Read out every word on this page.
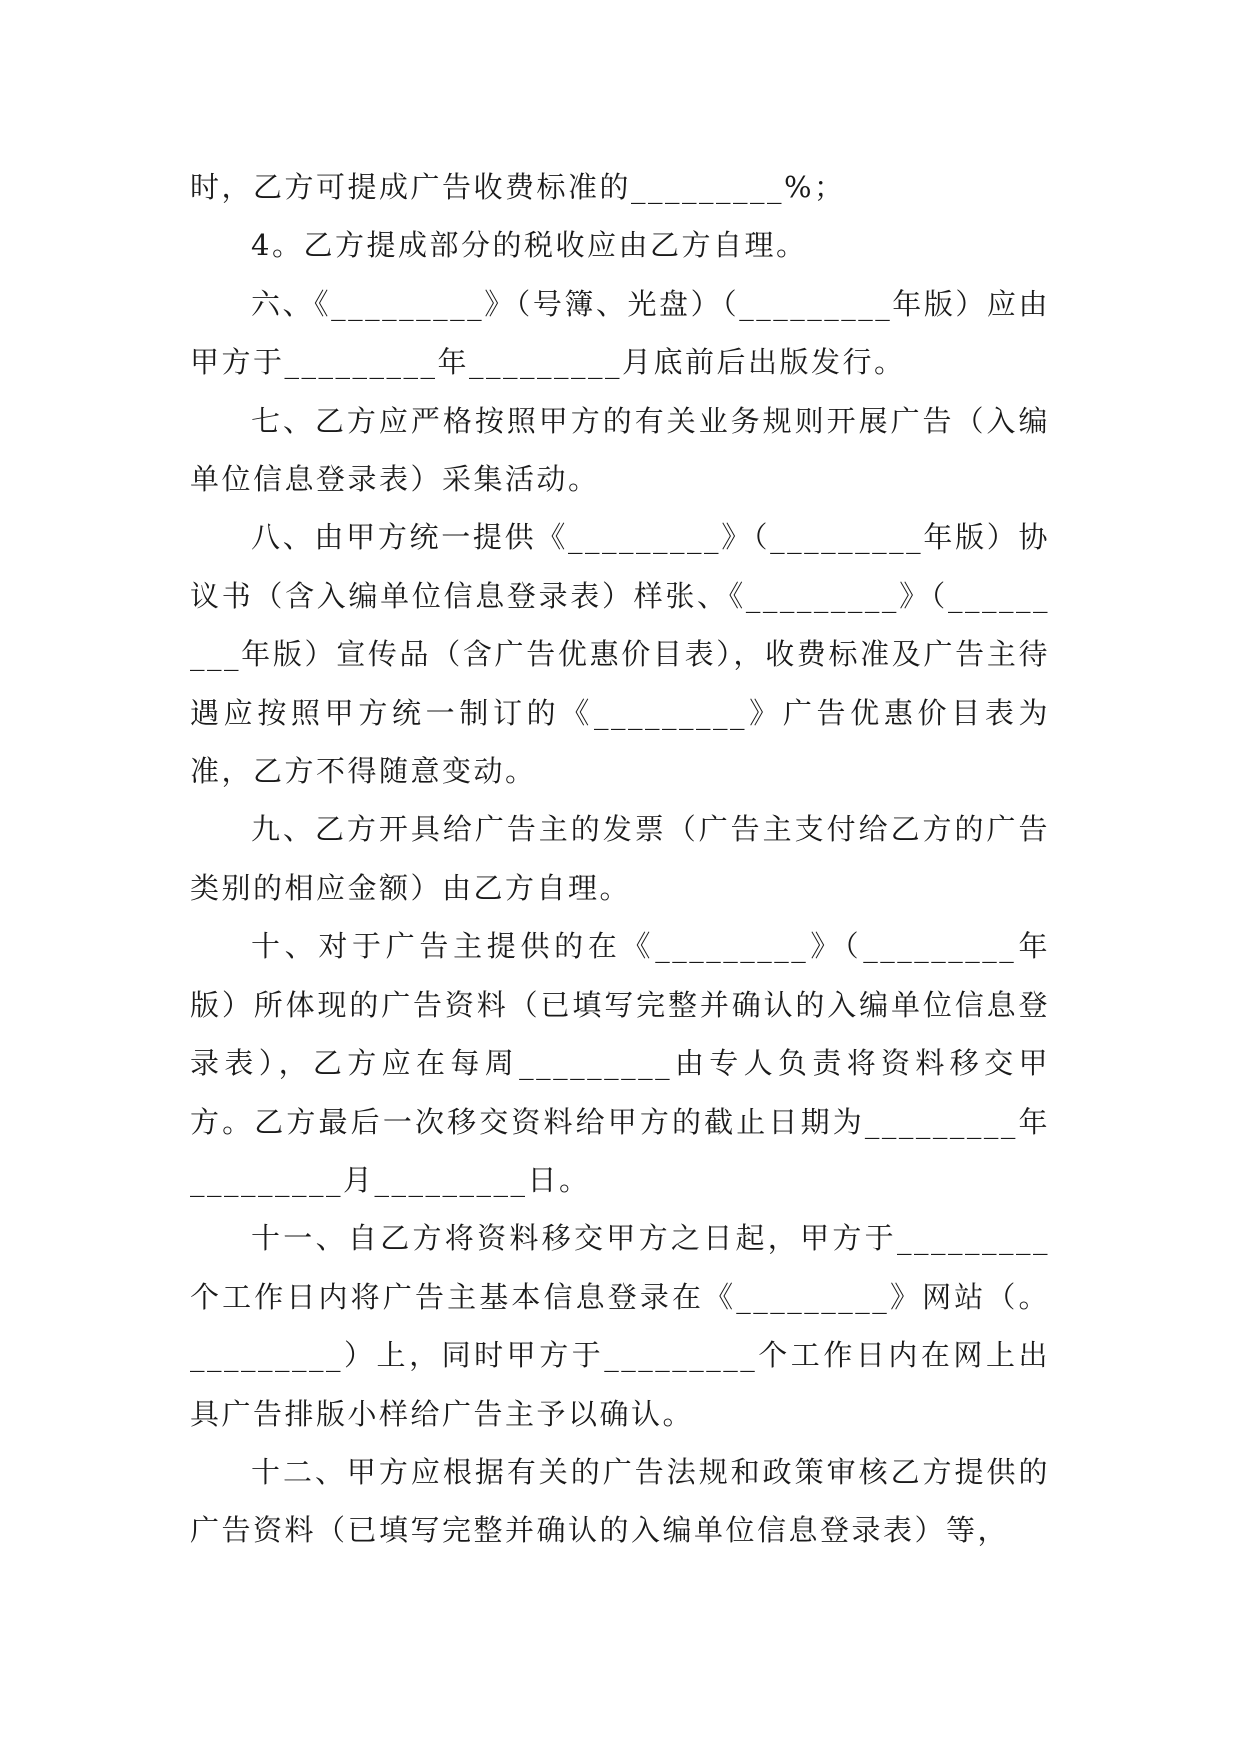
时，乙方可提成广告收费标准的_________%；

4。乙方提成部分的税收应由乙方自理。

六、《_________》（号簿、光盘）（_________年版）应由甲方于_________年_________月底前后出版发行。

七、乙方应严格按照甲方的有关业务规则开展广告（入编单位信息登录表）采集活动。

八、由甲方统一提供《_________》（_________年版）协议书（含入编单位信息登录表）样张、《_________》（_________年版）宣传品（含广告优惠价目表），收费标准及广告主待遇应按照甲方统一制订的《_________》广告优惠价目表为准，乙方不得随意变动。

九、乙方开具给广告主的发票（广告主支付给乙方的广告类别的相应金额）由乙方自理。

十、对于广告主提供的在《_________》（_________年版）所体现的广告资料（已填写完整并确认的入编单位信息登录表），乙方应在每周_________由专人负责将资料移交甲方。乙方最后一次移交资料给甲方的截止日期为_________年_________月_________日。

十一、自乙方将资料移交甲方之日起，甲方于_________个工作日内将广告主基本信息登录在《_________》网站（。_________）上，同时甲方于_________个工作日内在网上出具广告排版小样给广告主予以确认。

十二、甲方应根据有关的广告法规和政策审核乙方提供的广告资料（已填写完整并确认的入编单位信息登录表）等，
